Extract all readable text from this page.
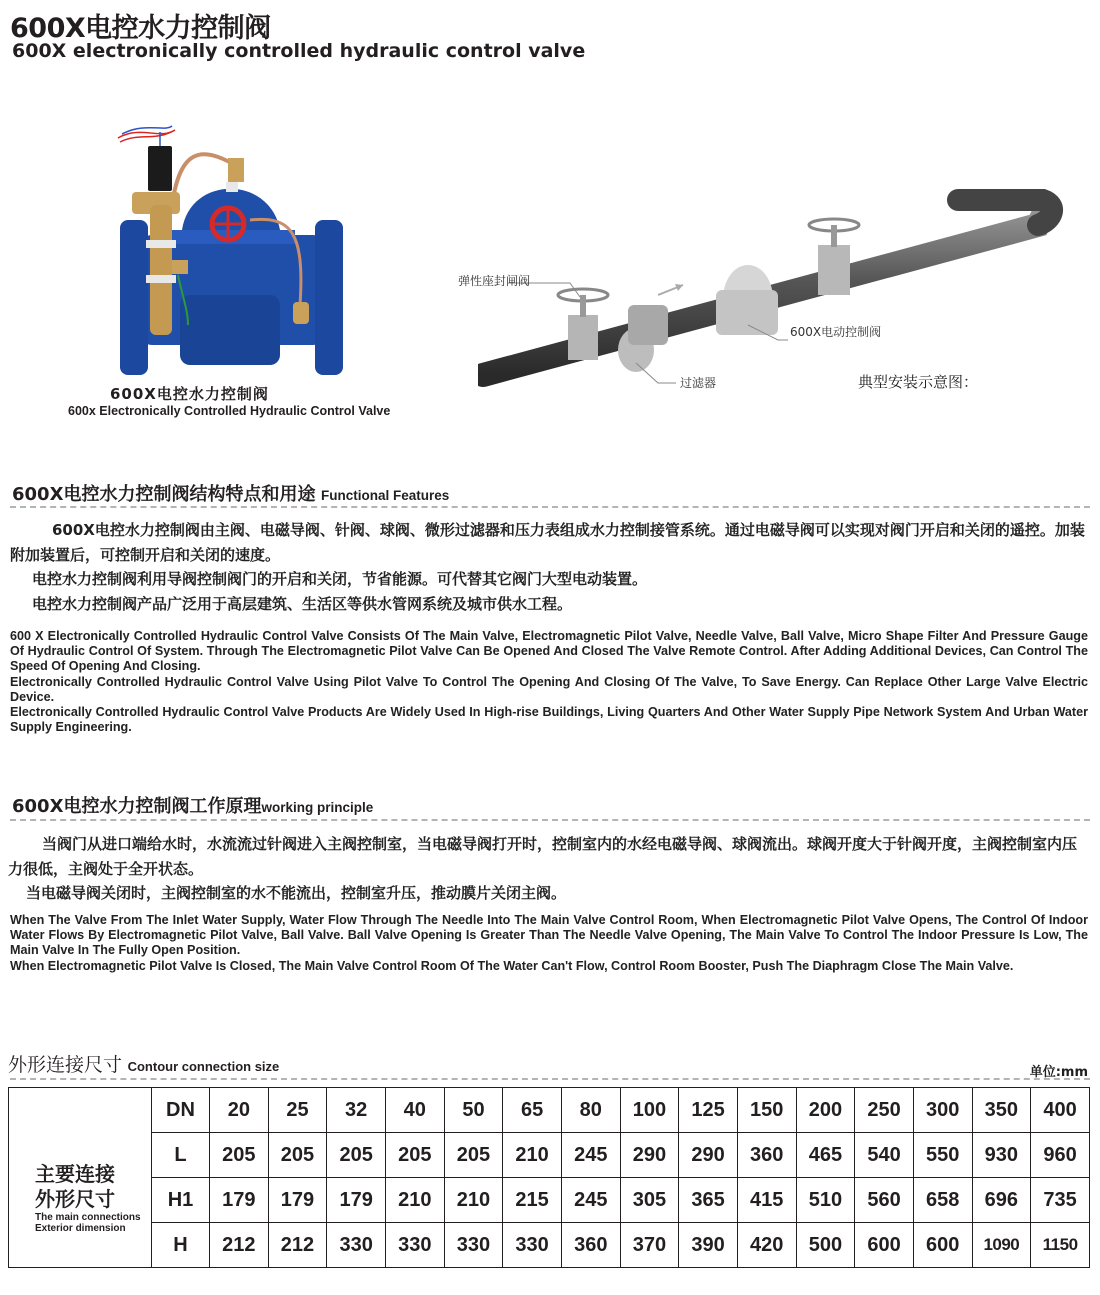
600X电控水力控制阀
600X electronically controlled hydraulic control valve
600X电控水力控制阀
600x Electronically Controlled Hydraulic Control Valve
弹性座封闸阀
600X电动控制阀
过滤器	典型安装示意图：
600X电控水力控制阀结构特点和用途 Functional Features

600X电控水力控制阀由主阀、电磁导阀、针阀、球阀、微形过滤器和压力表组成水力控制接管系统。通过电磁导阀可以实现对阀门开启和关闭的遥控。加装附加装置后，可控制开启和关闭的速度。

电控水力控制阀利用导阀控制阀门的开启和关闭，节省能源。可代替其它阀门大型电动装置。

电控水力控制阀产品广泛用于高层建筑、生活区等供水管网系统及城市供水工程。

600 X Electronically Controlled Hydraulic Control Valve Consists Of The Main Valve, Electromagnetic Pilot Valve, Needle Valve, Ball Valve, Micro Shape Filter And Pressure Gauge Of Hydraulic Control Of System. Through The Electromagnetic Pilot Valve Can Be Opened And Closed The Valve Remote Control. After Adding Additional Devices, Can Control The Speed Of Opening And Closing.

Electronically Controlled Hydraulic Control Valve Using Pilot Valve To Control The Opening And Closing Of The Valve, To Save Energy. Can Replace Other Large Valve Electric Device.

Electronically Controlled Hydraulic Control Valve Products Are Widely Used In High-rise Buildings, Living Quarters And Other Water Supply Pipe Network System And Urban Water Supply Engineering.

600X电控水力控制阀工作原理working principle

当阀门从进口端给水时，水流流过针阀进入主阀控制室，当电磁导阀打开时，控制室内的水经电磁导阀、球阀流出。球阀开度大于针阀开度，主阀控制室内压力很低，主阀处于全开状态。

当电磁导阀关闭时，主阀控制室的水不能流出，控制室升压，推动膜片关闭主阀。

When The Valve From The Inlet Water Supply, Water Flow Through The Needle Into The Main Valve Control Room, When Electromagnetic Pilot Valve Opens, The Control Of Indoor Water Flows By Electromagnetic Pilot Valve, Ball Valve. Ball Valve Opening Is Greater Than The Needle Valve Opening, The Main Valve To Control The Indoor Pressure Is Low, The Main Valve In The Fully Open Position.

When Electromagnetic Pilot Valve Is Closed, The Main Valve Control Room Of The Water Can't Flow, Control Room Booster, Push The Diaphragm Close The Main Valve.

外形连接尺寸 Contour connection size	单位:mm
主要连接
外形尺寸
The main connections
Exterior dimension	DN	20	25	32	40	50	65	80	100	125	150	200	250	300	350	400
	L	205	205	205	205	205	210	245	290	290	360	465	540	550	930	960
	H1	179	179	179	210	210	215	245	305	365	415	510	560	658	696	735
	H	212	212	330	330	330	330	360	370	390	420	500	600	600	1090	1150
